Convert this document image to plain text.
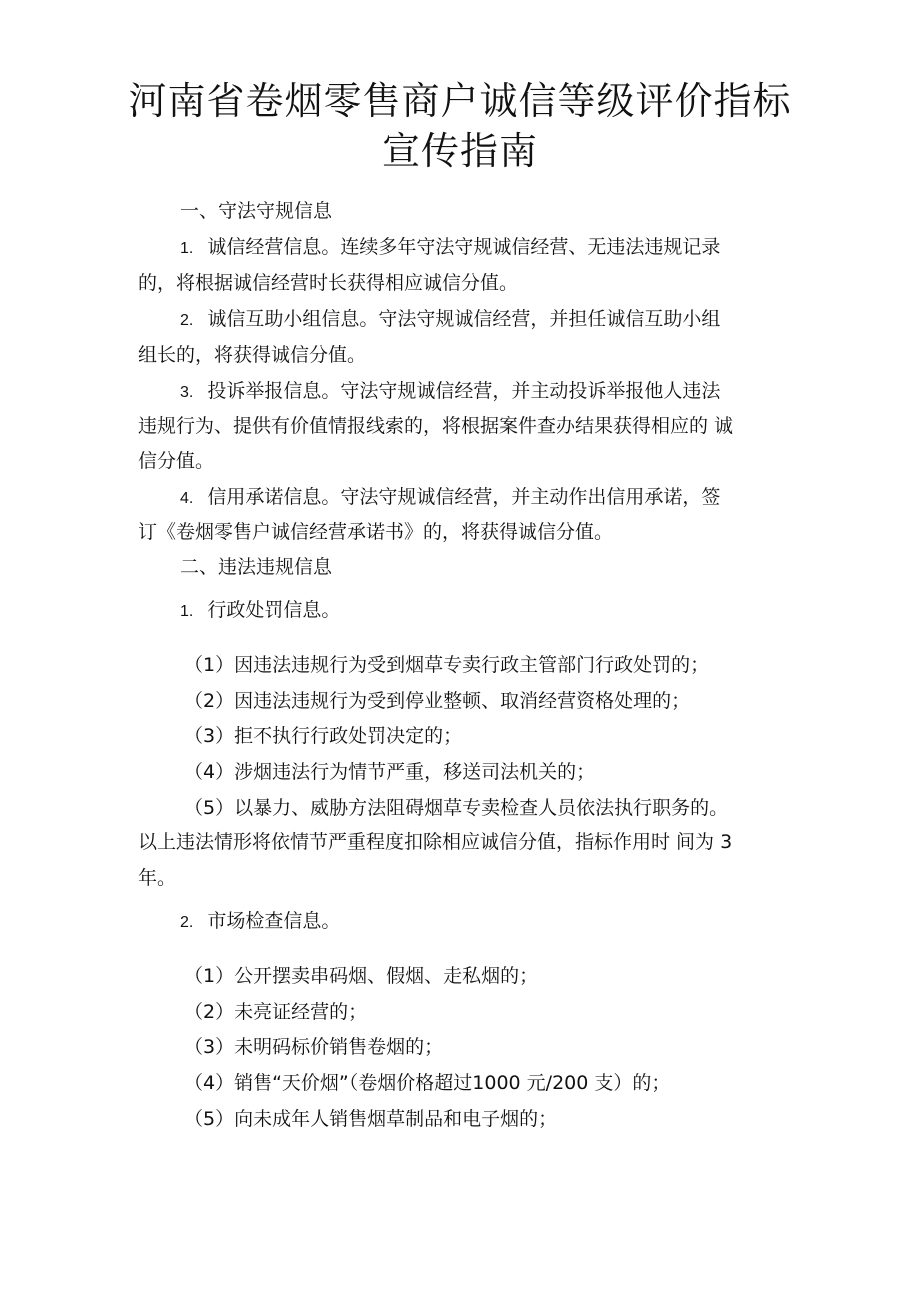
河南省卷烟零售商户诚信等级评价指标
宣传指南
一、守法守规信息
1. 诚信经营信息。连续多年守法守规诚信经营、无违法违规记录
的，将根据诚信经营时长获得相应诚信分值。
2. 诚信互助小组信息。守法守规诚信经营，并担任诚信互助小组
组长的，将获得诚信分值。
3. 投诉举报信息。守法守规诚信经营，并主动投诉举报他人违法
违规行为、提供有价值情报线索的，将根据案件查办结果获得相应的 诚
信分值。
4. 信用承诺信息。守法守规诚信经营，并主动作出信用承诺，签
订《卷烟零售户诚信经营承诺书》的，将获得诚信分值。
二、违法违规信息
1. 行政处罚信息。
（1）因违法违规行为受到烟草专卖行政主管部门行政处罚的；
（2）因违法违规行为受到停业整顿、取消经营资格处理的；
（3）拒不执行行政处罚决定的；
（4）涉烟违法行为情节严重，移送司法机关的；
（5）以暴力、威胁方法阻碍烟草专卖检查人员依法执行职务的。
以上违法情形将依情节严重程度扣除相应诚信分值，指标作用时 间为 3
年。
2. 市场检查信息。
（1）公开摆卖串码烟、假烟、走私烟的；
（2）未亮证经营的；
（3）未明码标价销售卷烟的；
（4）销售“天价烟”（卷烟价格超过1000 元/200 支）的；
（5）向未成年人销售烟草制品和电子烟的；
